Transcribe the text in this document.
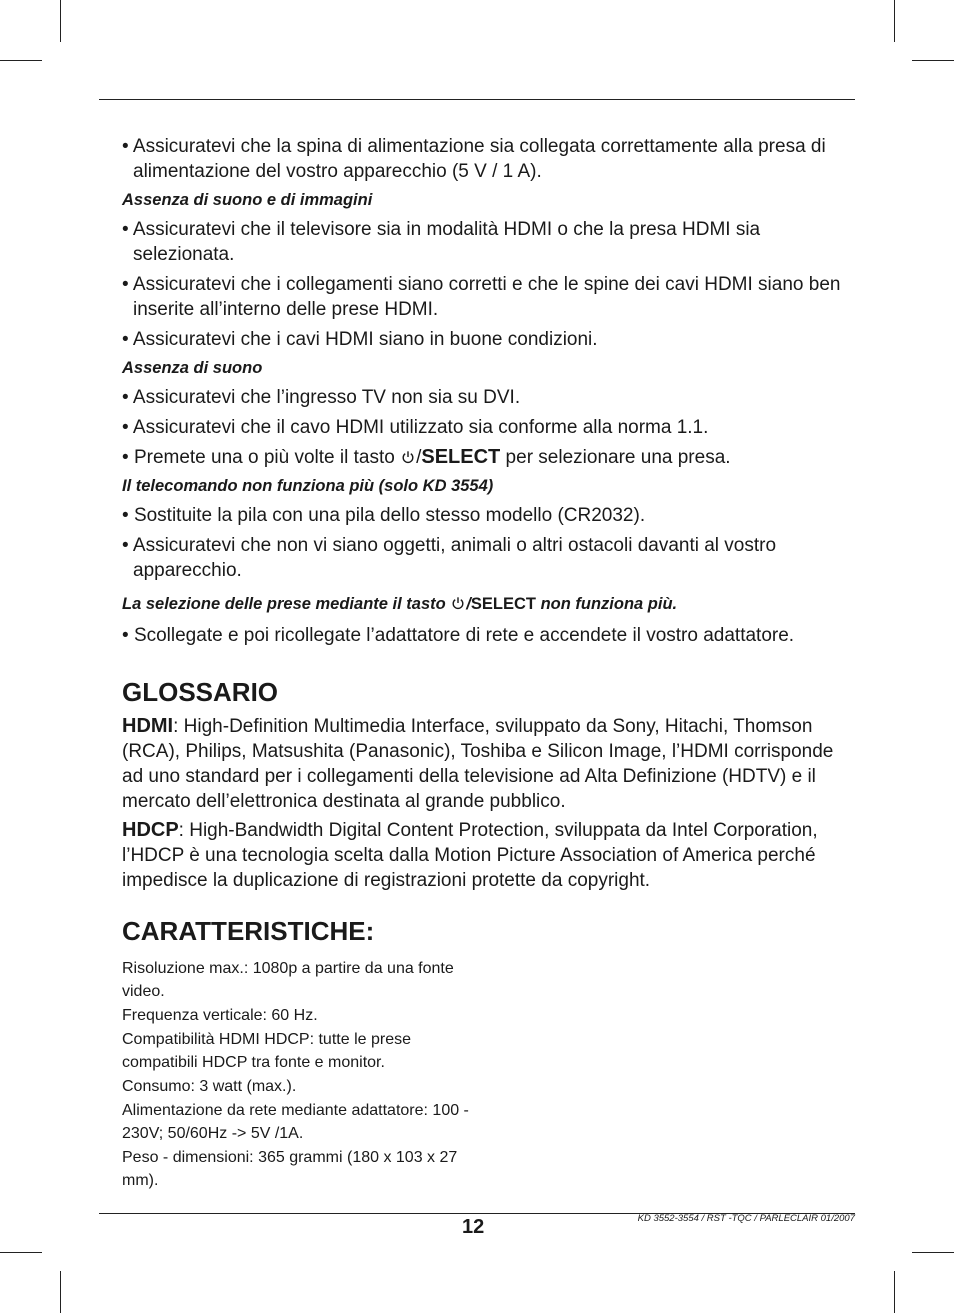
• Assicuratevi che la spina di alimentazione sia collegata correttamente alla presa di alimentazione del vostro apparecchio (5 V / 1 A).

Assenza di suono e di immagini

• Assicuratevi che il televisore sia in modalità HDMI o che la presa HDMI sia selezionata.

• Assicuratevi che i collegamenti siano corretti e che le spine dei cavi HDMI siano ben inserite all’interno delle prese HDMI.

• Assicuratevi che i cavi HDMI siano in buone condizioni.

Assenza di suono

• Assicuratevi che l’ingresso TV non sia su DVI.

• Assicuratevi che il cavo HDMI utilizzato sia conforme alla norma 1.1.

• Premete una o più volte il tasto /SELECT per selezionare una presa.

Il telecomando non funziona più (solo KD 3554)

• Sostituite la pila con una pila dello stesso modello (CR2032).

• Assicuratevi che non vi siano oggetti, animali o altri ostacoli davanti al vostro apparecchio.

La selezione delle prese mediante il tasto /SELECT non funziona più.

• Scollegate e poi ricollegate l’adattatore di rete e accendete il vostro adattatore.

GLOSSARIO

HDMI: High-Definition Multimedia Interface, sviluppato da Sony, Hitachi, Thomson (RCA), Philips, Matsushita (Panasonic), Toshiba e Silicon Image, l’HDMI corrisponde ad uno standard per i collegamenti della televisione ad Alta Definizione (HDTV) e il mercato dell’elettronica destinata al grande pubblico.

HDCP: High-Bandwidth Digital Content Protection, sviluppata da Intel Corporation, l’HDCP è una tecnologia scelta dalla Motion Picture Association of America perché impedisce la duplicazione di registrazioni protette da copyright.

CARATTERISTICHE:

Risoluzione max.: 1080p a partire da una fonte video.

Frequenza verticale: 60 Hz.

Compatibilità HDMI HDCP: tutte le prese compatibili HDCP tra fonte e monitor.

Consumo: 3 watt (max.).

Alimentazione da rete mediante adattatore: 100 - 230V; 50/60Hz -> 5V /1A.

Peso - dimensioni: 365 grammi (180 x 103 x 27 mm).

12	KD 3552-3554 / RST -TQC / PARLECLAIR 01/2007
